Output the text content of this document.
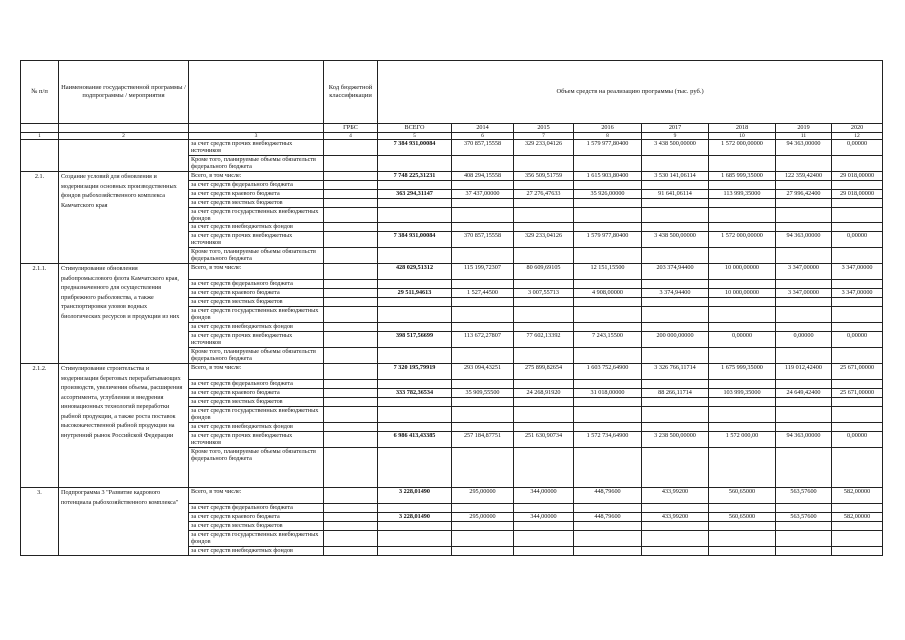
№ п/п	Наименование государственной программы / подпрограммы / мероприятия		Код бюджетной классификации	Объем средств на реализацию программы (тыс. руб.)							
			ГРБС	ВСЕГО	2014	2015	2016	2017	2018	2019	2020
1	2	3	4	5	6	7	8	9	10	11	12
		за счет средств прочих внебюджетных источников		7 384 931,00084	370 857,15558	329 233,04126	1 579 977,80400	3 438 500,00000	1 572 000,00000	94 363,00000	0,00000
		Кроме того, планируемые объемы обязательств федерального бюджета									
2.1.	Создание условий для обновления и модернизации основных производственных фондов рыбохозяйственного комплекса Камчатского края	Всего, в том числе:		7 748 225,31231	408 294,15558	356 509,51759	1 615 903,80400	3 530 141,06114	1 685 999,35000	122 359,42400	29 018,00000
		за счет средств федерального бюджета									
		за счет средств краевого бюджета		363 294,31147	37 437,00000	27 276,47633	35 926,00000	91 641,06114	113 999,35000	27 996,42400	29 018,00000
		за счет средств местных бюджетов									
		за счет средств государственных внебюджетных фондов									
		за счет средств внебюджетных фондов									
		за счет средств прочих внебюджетных источников		7 384 931,00084	370 857,15558	329 233,04126	1 579 977,80400	3 438 500,00000	1 572 000,00000	94 363,00000	0,00000
		Кроме того, планируемые объемы обязательств федерального бюджета									
2.1.1.	Стимулирование обновления рыбопромыслового флота Камчатского края, предназначенного для осуществления прибрежного рыболовства, а также транспортировки уловов водных биологических ресурсов и продукции из них	Всего, в том числе:		428 029,51312	115 199,72307	80 609,69105	12 151,15500	203 374,94400	10 000,00000	3 347,00000	3 347,00000
		за счет средств федерального бюджета									
		за счет средств краевого бюджета		29 511,94613	1 527,44500	3 007,55713	4 908,00000	3 374,94400	10 000,00000	3 347,00000	3 347,00000
		за счет средств местных бюджетов									
		за счет средств государственных внебюджетных фондов									
		за счет средств внебюджетных фондов									
		за счет средств прочих внебюджетных источников		398 517,56699	113 672,27807	77 602,13392	7 243,15500	200 000,00000	0,00000	0,00000	0,00000
		Кроме того, планируемые объемы обязательств федерального бюджета									
2.1.2.	Стимулирование строительства и модернизации береговых перерабатывающих производств, увеличения объема, расширения ассортимента, углубления и внедрения инновационных технологий переработки рыбной продукции, а также роста поставок высококачественной рыбной продукции на внутренний рынок Российской Федерации	Всего, в том числе:		7 320 195,79919	293 094,43251	275 899,82654	1 603 752,64900	3 326 766,11714	1 675 999,35000	119 012,42400	25 671,00000
		за счет средств федерального бюджета									
		за счет средств краевого бюджета		333 782,36534	35 909,55500	24 268,91920	31 018,00000	88 266,11714	103 999,35000	24 649,42400	25 671,00000
		за счет средств местных бюджетов									
		за счет средств государственных внебюджетных фондов									
		за счет средств внебюджетных фондов									
		за счет средств прочих внебюджетных источников		6 986 413,43385	257 184,87751	251 630,90734	1 572 734,64900	3 238 500,00000	1 572 000,00	94 363,00000	0,00000
		Кроме того, планируемые объемы обязательств федерального бюджета									
3.	Подпрограмма 3 "Развитие кадрового потенциала рыбохозяйственного комплекса"	Всего, в том числе:		3 228,01490	295,00000	344,00000	448,79600	433,99200	560,65000	563,57600	582,00000
		за счет средств федерального бюджета									
		за счет средств краевого бюджета		3 228,01490	295,00000	344,00000	448,79600	433,99200	560,65000	563,57600	582,00000
		за счет средств местных бюджетов									
		за счет средств государственных внебюджетных фондов									
		за счет средств внебюджетных фондов									
